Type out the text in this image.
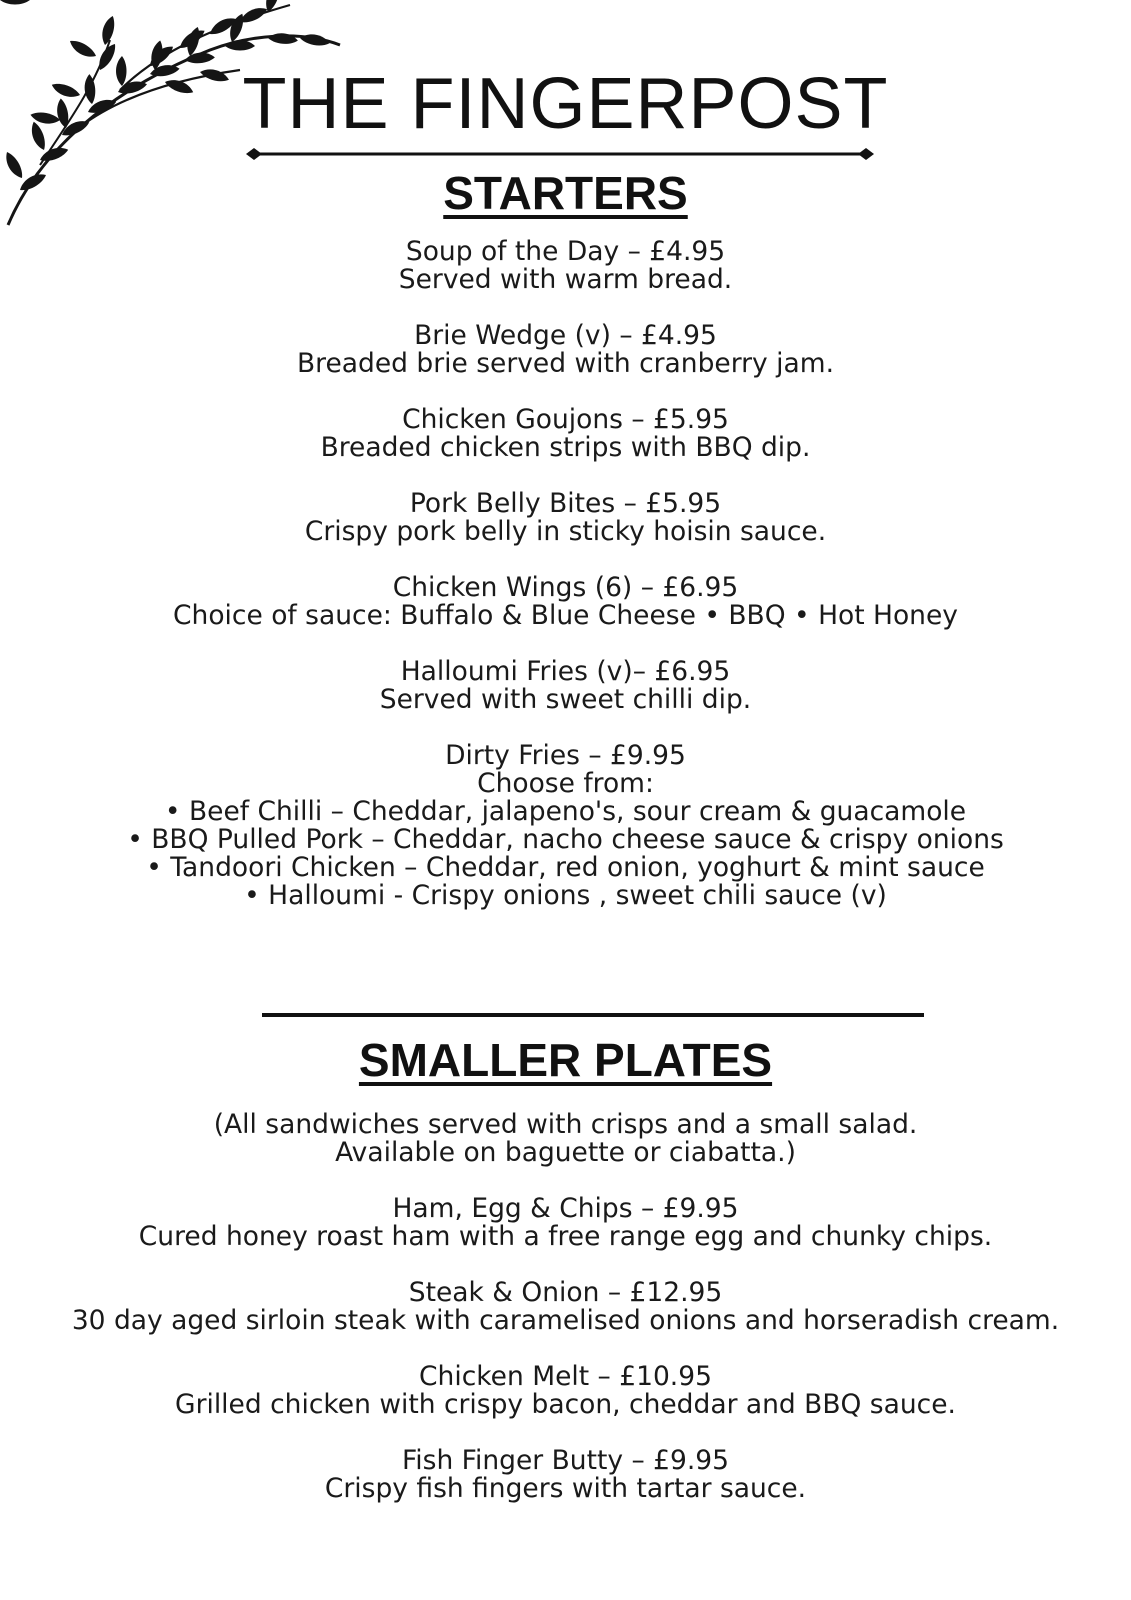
THE FINGERPOST
STARTERS
Soup of the Day – £4.95
Served with warm bread.
Brie Wedge (v) – £4.95
Breaded brie served with cranberry jam.
Chicken Goujons – £5.95
Breaded chicken strips with BBQ dip.
Pork Belly Bites – £5.95
Crispy pork belly in sticky hoisin sauce.
Chicken Wings (6) – £6.95
Choice of sauce: Buffalo & Blue Cheese • BBQ • Hot Honey
Halloumi Fries (v)– £6.95
Served with sweet chilli dip.
Dirty Fries – £9.95
Choose from:
• Beef Chilli – Cheddar, jalapeno's, sour cream & guacamole
• BBQ Pulled Pork – Cheddar, nacho cheese sauce & crispy onions
• Tandoori Chicken – Cheddar, red onion, yoghurt & mint sauce
• Halloumi - Crispy onions , sweet chili sauce (v)
SMALLER PLATES
(All sandwiches served with crisps and a small salad.
Available on baguette or ciabatta.)
Ham, Egg & Chips – £9.95
Cured honey roast ham with a free range egg and chunky chips.
Steak & Onion – £12.95
30 day aged sirloin steak with caramelised onions and horseradish cream.
Chicken Melt – £10.95
Grilled chicken with crispy bacon, cheddar and BBQ sauce.
Fish Finger Butty – £9.95
Crispy fish fingers with tartar sauce.
